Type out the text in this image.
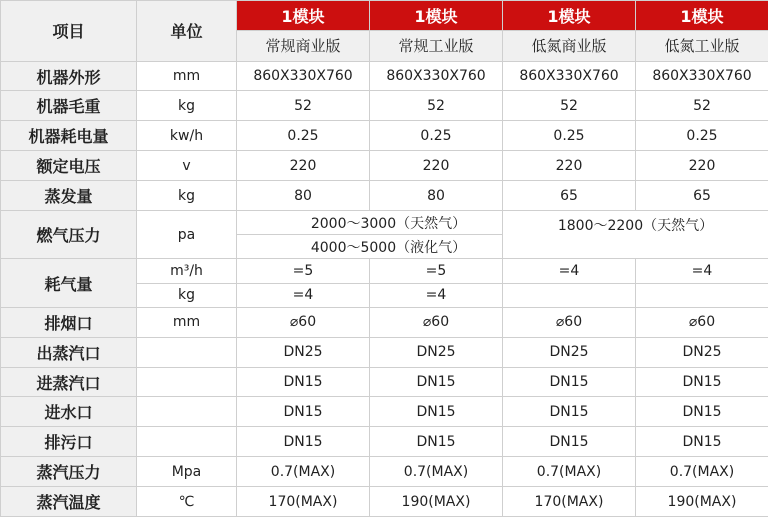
项目	单位	1模块	1模块	1模块	1模块
		常规商业版	常规工业版	低氮商业版	低氮工业版
机器外形	mm	860X330X760	860X330X760	860X330X760	860X330X760
机器毛重	kg	52	52	52	52
机器耗电量	kw/h	0.25	0.25	0.25	0.25
额定电压	v	220	220	220	220
蒸发量	kg	80	80	65	65
燃气压力	pa	2000～3000（天然气）		1800～2200（天然气）	
		4000～5000（液化气）			
耗气量	m³/h	=5	=5	=4	=4
	kg	=4	=4		
排烟口	mm	⌀60	⌀60	⌀60	⌀60
出蒸汽口		DN25	DN25	DN25	DN25
进蒸汽口		DN15	DN15	DN15	DN15
进水口		DN15	DN15	DN15	DN15
排污口		DN15	DN15	DN15	DN15
蒸汽压力	Mpa	0.7(MAX)	0.7(MAX)	0.7(MAX)	0.7(MAX)
蒸汽温度	℃	170(MAX)	190(MAX)	170(MAX)	190(MAX)
